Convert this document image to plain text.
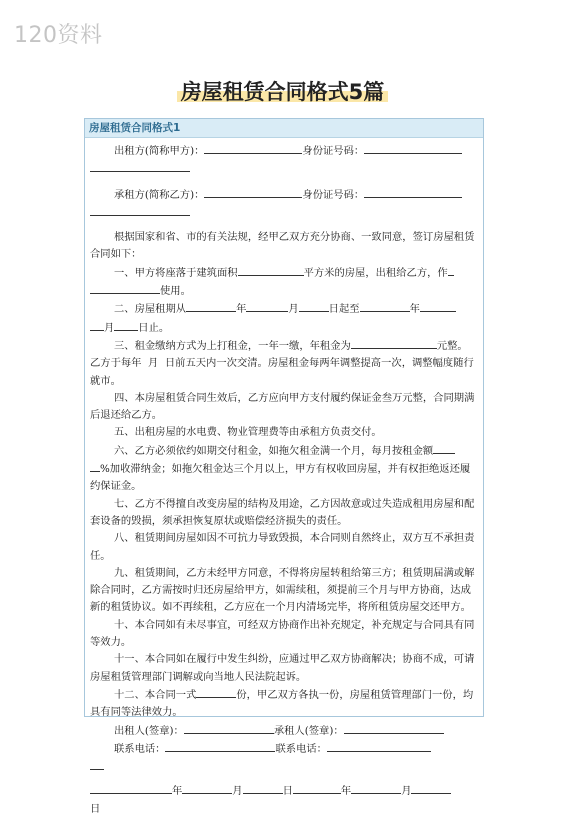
120资料
房屋租赁合同格式5篇
房屋租赁合同格式1

出租方(简称甲方)：	身份证号码：

承租方(简称乙方)：	身份证号码：

根据国家和省、市的有关法规，经甲乙双方充分协商、一致同意，签订房屋租赁合同如下：

一、甲方将座落于建筑面积	平方米的房屋，出租给乙方，作
使用。

二、房屋租期从	年	月	日起至	年
月 日止。

三、租金缴纳方式为上打租金，一年一缴，年租金为	元整。
乙方于每年  月  日前五天内一次交清。房屋租金每两年调整提高一次，调整幅度随行就市。

四、本房屋租赁合同生效后，乙方应向甲方支付履约保证金叁万元整，合同期满后退还给乙方。

五、出租房屋的水电费、物业管理费等由承租方负责交付。

六、乙方必须依约如期交付租金，如拖欠租金满一个月，每月按租金额
%加收滞纳金；如拖欠租金达三个月以上，甲方有权收回房屋，并有权拒绝返还履约保证金。

七、乙方不得擅自改变房屋的结构及用途，乙方因故意或过失造成租用房屋和配套设备的毁损，须承担恢复原状或赔偿经济损失的责任。

八、租赁期间房屋如因不可抗力导致毁损，本合同则自然终止，双方互不承担责任。

九、租赁期间，乙方未经甲方同意，不得将房屋转租给第三方；租赁期届满或解除合同时，乙方需按时归还房屋给甲方，如需续租，须提前三个月与甲方协商，达成新的租赁协议。如不再续租，乙方应在一个月内清场完毕，将所租赁房屋交还甲方。

十、本合同如有未尽事宜，可经双方协商作出补充规定，补充规定与合同具有同等效力。

十一、本合同如在履行中发生纠纷，应通过甲乙双方协商解决；协商不成，可请房屋租赁管理部门调解或向当地人民法院起诉。

十二、本合同一式	份，甲乙双方各执一份，房屋租赁管理部门一份，均具有同等法律效力。

出租人(签章)：	承租人(签章)：

联系电话：	联系电话：

年	月	日	年	月
日
